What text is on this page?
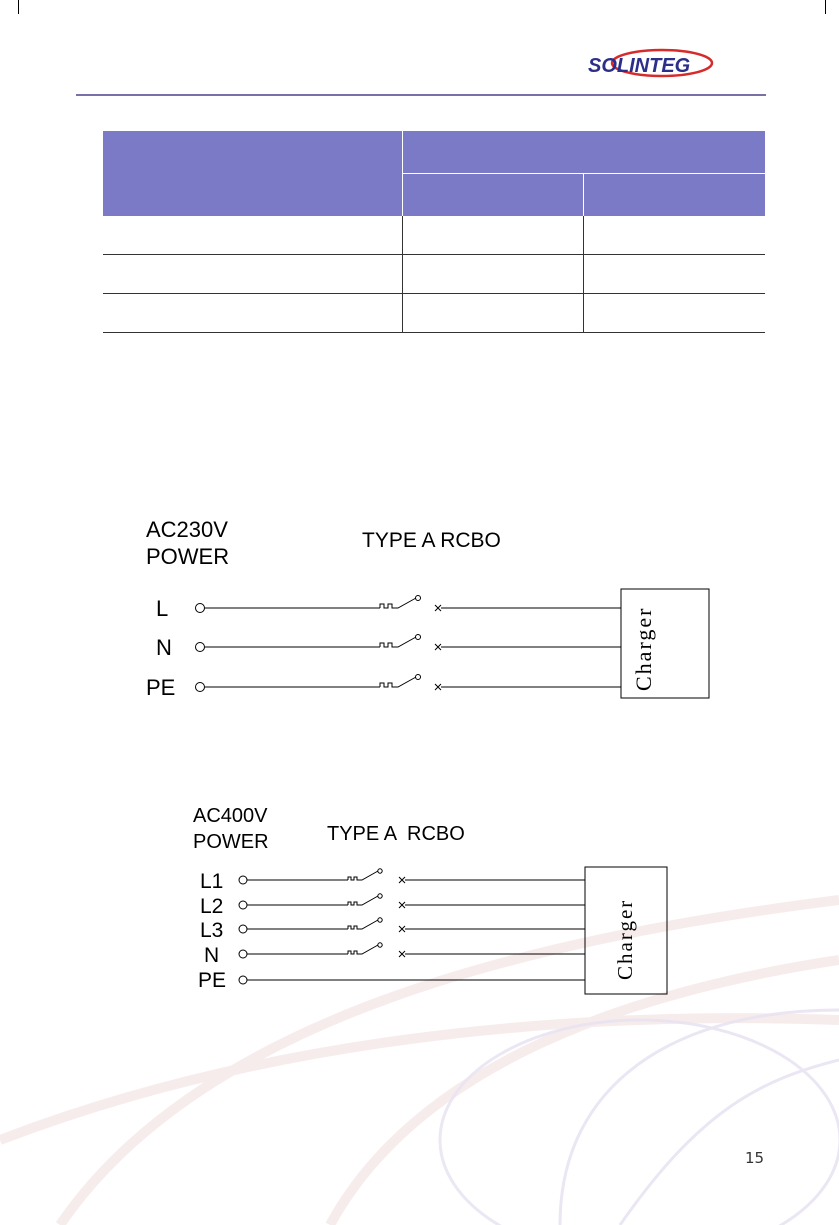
SOLINTEG

AC230V
POWER
TYPE A RCBO
L
N
PE	Charger
AC400V
POWER	TYPE A  RCBO
L1
L2
L3
N
PE
Charger
15
